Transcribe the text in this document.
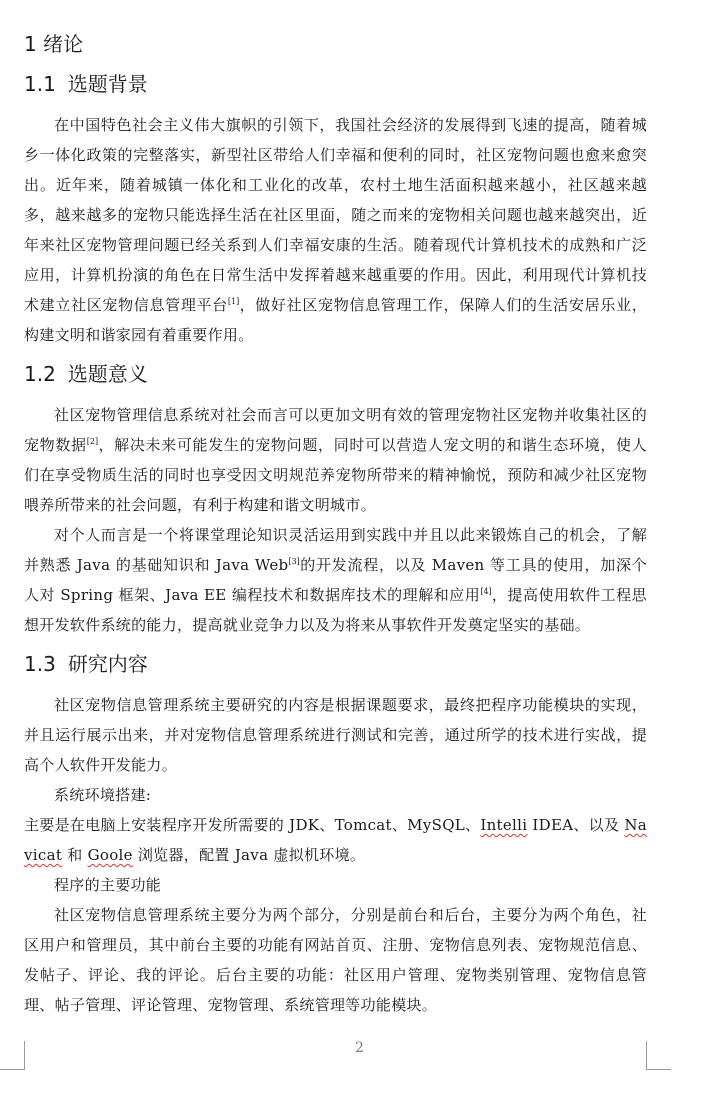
1 绪论
1.1 选题背景
在中国特色社会主义伟大旗帜的引领下，我国社会经济的发展得到飞速的提高，随着城乡一体化政策的完整落实，新型社区带给人们幸福和便利的同时，社区宠物问题也愈来愈突出。近年来，随着城镇一体化和工业化的改革，农村土地生活面积越来越小，社区越来越多，越来越多的宠物只能选择生活在社区里面，随之而来的宠物相关问题也越来越突出，近年来社区宠物管理问题已经关系到人们幸福安康的生活。随着现代计算机技术的成熟和广泛应用，计算机扮演的角色在日常生活中发挥着越来越重要的作用。因此，利用现代计算机技术建立社区宠物信息管理平台[1]，做好社区宠物信息管理工作，保障人们的生活安居乐业，构建文明和谐家园有着重要作用。
1.2 选题意义
社区宠物管理信息系统对社会而言可以更加文明有效的管理宠物社区宠物并收集社区的宠物数据[2]，解决未来可能发生的宠物问题，同时可以营造人宠文明的和谐生态环境，使人们在享受物质生活的同时也享受因文明规范养宠物所带来的精神愉悦，预防和减少社区宠物喂养所带来的社会问题，有利于构建和谐文明城市。
对个人而言是一个将课堂理论知识灵活运用到实践中并且以此来锻炼自己的机会，了解并熟悉 Java 的基础知识和 Java Web[3]的开发流程，以及 Maven 等工具的使用，加深个人对 Spring 框架、Java EE 编程技术和数据库技术的理解和应用[4]，提高使用软件工程思想开发软件系统的能力，提高就业竞争力以及为将来从事软件开发奠定坚实的基础。
1.3 研究内容
社区宠物信息管理系统主要研究的内容是根据课题要求，最终把程序功能模块的实现，并且运行展示出来，并对宠物信息管理系统进行测试和完善，通过所学的技术进行实战，提高个人软件开发能力。
系统环境搭建:
主要是在电脑上安装程序开发所需要的 JDK、Tomcat、MySQL、Intelli IDEA、以及 Navicat 和 Goole 浏览器，配置 Java 虚拟机环境。
程序的主要功能
社区宠物信息管理系统主要分为两个部分，分别是前台和后台，主要分为两个角色，社区用户和管理员，其中前台主要的功能有网站首页、注册、宠物信息列表、宠物规范信息、发帖子、评论、我的评论。后台主要的功能：社区用户管理、宠物类别管理、宠物信息管理、帖子管理、评论管理、宠物管理、系统管理等功能模块。
2
